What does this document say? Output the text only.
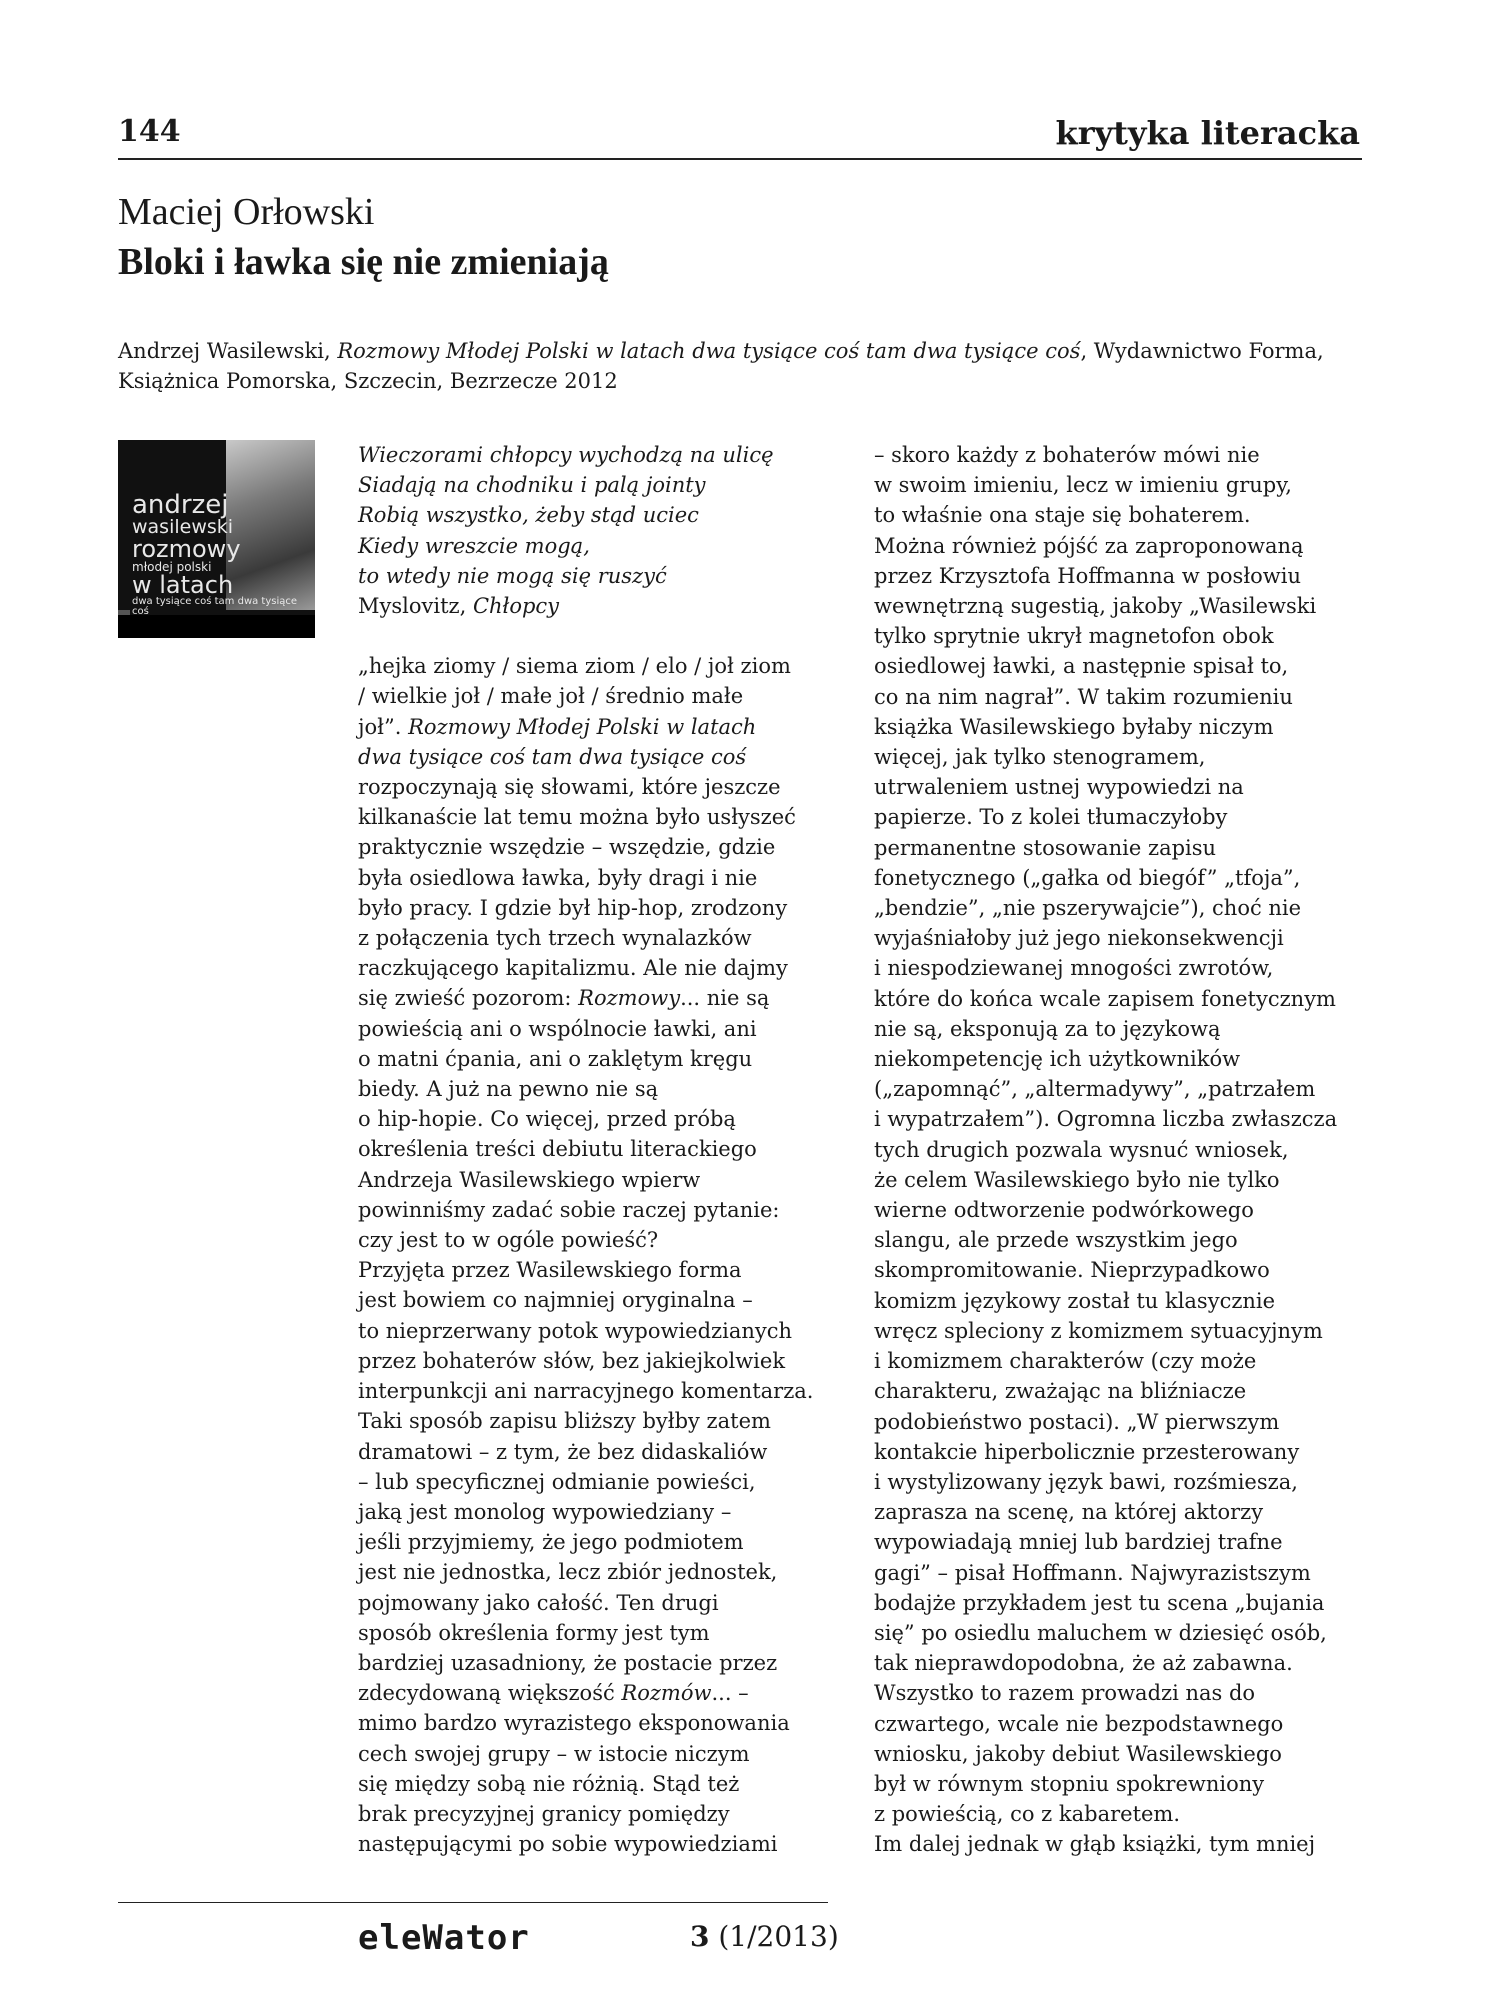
144	krytyka literacka
Maciej Orłowski
Bloki i ławka się nie zmieniają
Andrzej Wasilewski, Rozmowy Młodej Polski w latach dwa tysiące coś tam dwa tysiące coś, Wydawnictwo Forma, Książnica Pomorska, Szczecin, Bezrzecze 2012
andrzej
wasilewski
rozmowy
młodej polski
w latach
dwa tysiące coś tam dwa tysiące coś

Wieczorami chłopcy wychodzą na ulicę

Siadają na chodniku i palą jointy

Robią wszystko, żeby stąd uciec

Kiedy wreszcie mogą,

to wtedy nie mogą się ruszyć

Myslovitz, Chłopcy

„hejka ziomy / siema ziom / elo / joł ziom

/ wielkie joł / małe joł / średnio małe

joł”. Rozmowy Młodej Polski w latach

dwa tysiące coś tam dwa tysiące coś

rozpoczynają się słowami, które jeszcze

kilkanaście lat temu można było usłyszeć

praktycznie wszędzie – wszędzie, gdzie

była osiedlowa ławka, były dragi i nie

było pracy. I gdzie był hip-hop, zrodzony

z połączenia tych trzech wynalazków

raczkującego kapitalizmu. Ale nie dajmy

się zwieść pozorom: Rozmowy... nie są

powieścią ani o wspólnocie ławki, ani

o matni ćpania, ani o zaklętym kręgu

biedy. A już na pewno nie są

o hip-hopie. Co więcej, przed próbą

określenia treści debiutu literackiego

Andrzeja Wasilewskiego wpierw

powinniśmy zadać sobie raczej pytanie:

czy jest to w ogóle powieść?

Przyjęta przez Wasilewskiego forma

jest bowiem co najmniej oryginalna –

to nieprzerwany potok wypowiedzianych

przez bohaterów słów, bez jakiejkolwiek

interpunkcji ani narracyjnego komentarza.

Taki sposób zapisu bliższy byłby zatem

dramatowi – z tym, że bez didaskaliów

– lub specyficznej odmianie powieści,

jaką jest monolog wypowiedziany –

jeśli przyjmiemy, że jego podmiotem

jest nie jednostka, lecz zbiór jednostek,

pojmowany jako całość. Ten drugi

sposób określenia formy jest tym

bardziej uzasadniony, że postacie przez

zdecydowaną większość Rozmów... –

mimo bardzo wyrazistego eksponowania

cech swojej grupy – w istocie niczym

się między sobą nie różnią. Stąd też

brak precyzyjnej granicy pomiędzy

następującymi po sobie wypowiedziami

– skoro każdy z bohaterów mówi nie

w swoim imieniu, lecz w imieniu grupy,

to właśnie ona staje się bohaterem.

Można również pójść za zaproponowaną

przez Krzysztofa Hoffmanna w posłowiu

wewnętrzną sugestią, jakoby „Wasilewski

tylko sprytnie ukrył magnetofon obok

osiedlowej ławki, a następnie spisał to,

co na nim nagrał”. W takim rozumieniu

książka Wasilewskiego byłaby niczym

więcej, jak tylko stenogramem,

utrwaleniem ustnej wypowiedzi na

papierze. To z kolei tłumaczyłoby

permanentne stosowanie zapisu

fonetycznego („gałka od biegóf” „tfoja”,

„bendzie”, „nie pszerywajcie”), choć nie

wyjaśniałoby już jego niekonsekwencji

i niespodziewanej mnogości zwrotów,

które do końca wcale zapisem fonetycznym

nie są, eksponują za to językową

niekompetencję ich użytkowników

(„zapomnąć”, „altermadywy”, „patrzałem

i wypatrzałem”). Ogromna liczba zwłaszcza

tych drugich pozwala wysnuć wniosek,

że celem Wasilewskiego było nie tylko

wierne odtworzenie podwórkowego

slangu, ale przede wszystkim jego

skompromitowanie. Nieprzypadkowo

komizm językowy został tu klasycznie

wręcz spleciony z komizmem sytuacyjnym

i komizmem charakterów (czy może

charakteru, zważając na bliźniacze

podobieństwo postaci). „W pierwszym

kontakcie hiperbolicznie przesterowany

i wystylizowany język bawi, rozśmiesza,

zaprasza na scenę, na której aktorzy

wypowiadają mniej lub bardziej trafne

gagi” – pisał Hoffmann. Najwyrazistszym

bodajże przykładem jest tu scena „bujania

się” po osiedlu maluchem w dziesięć osób,

tak nieprawdopodobna, że aż zabawna.

Wszystko to razem prowadzi nas do

czwartego, wcale nie bezpodstawnego

wniosku, jakoby debiut Wasilewskiego

był w równym stopniu spokrewniony

z powieścią, co z kabaretem.

Im dalej jednak w głąb książki, tym mniej

eleWator	3 (1/2013)
